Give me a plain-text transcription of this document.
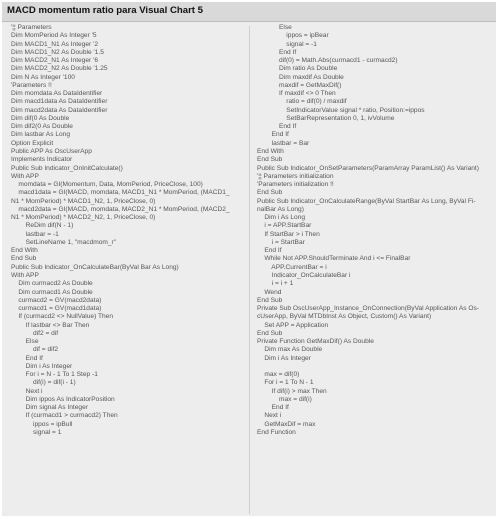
MACD momentum ratio para Visual Chart 5
'¦¦ Parameters
Dim MomPeriod As Integer '5
Dim MACD1_N1 As Integer '2
Dim MACD1_N2 As Double '1.5
Dim MACD2_N1 As Integer '6
Dim MACD2_N2 As Double '1.25
Dim N As Integer '100
'Parameters !!
Dim momdata As DataIdentifier
Dim macd1data As DataIdentifier
Dim macd2data As DataIdentifier
Dim dif(0 As Double
Dim dif2(0 As Double
Dim lastbar As Long
Option Explicit
Public APP As OscUserApp
Implements Indicator
Public Sub Indicator_OnInitCalculate()
With APP
momdata = GI(Momentum, Data, MomPeriod, PriceClose, 100)
macd1data = GI(MACD, momdata, MACD1_N1 * MomPeriod, (MACD1_
N1 * MomPeriod) * MACD1_N2, 1, PriceClose, 0)
macd2data = GI(MACD, momdata, MACD2_N1 * MomPeriod, (MACD2_
N1 * MomPeriod) * MACD2_N2, 1, PriceClose, 0)
ReDim dif(N - 1)
lastbar = -1
SetLineName 1, "macdmom_r"
End With
End Sub
Public Sub Indicator_OnCalculateBar(ByVal Bar As Long)
With APP
Dim curmacd2 As Double
Dim curmacd1 As Double
curmacd2 = GV(macd2data)
curmacd1 = GV(macd1data)
If (curmacd2 <> NullValue) Then
If lastbar <> Bar Then
dif2 = dif
Else
dif = dif2
End If
Dim i As Integer
For i = N - 1 To 1 Step -1
dif(i) = dif(i - 1)
Next i
Dim ippos As IndicatorPosition
Dim signal As Integer
If (curmacd1 > curmacd2) Then
ippos = ipBull
signal = 1
Else
ippos = ipBear
signal = -1
End If
dif(0) = Math.Abs(curmacd1 - curmacd2)
Dim ratio As Double
Dim maxdif As Double
maxdif = GetMaxDif()
If maxdif <> 0 Then
ratio = dif(0) / maxdif
SetIndicatorValue signal * ratio, Position:=ippos
SetBarRepresentation 0, 1, ivVolume
End If
End If
lastbar = Bar
End With
End Sub
Public Sub Indicator_OnSetParameters(ParamArray ParamList() As Variant)
'¦¦ Parameters initialization
'Parameters initialization !!
End Sub
Public Sub Indicator_OnCalculateRange(ByVal StartBar As Long, ByVal Fi-
nalBar As Long)
Dim i As Long
i = APP.StartBar
If StartBar > i Then
i = StartBar
End If
While Not APP.ShouldTerminate And i <= FinalBar
APP.CurrentBar = i
Indicator_OnCalculateBar i
i = i + 1
Wend
End Sub
Private Sub OscUserApp_Instance_OnConnection(ByVal Application As Os-
cUserApp, ByVal MTDbInst As Object, Custom() As Variant)
Set APP = Application
End Sub
Private Function GetMaxDif() As Double
Dim max As Double
Dim i As Integer
max = dif(0)
For i = 1 To N - 1
If dif(i) > max Then
max = dif(i)
End If
Next i
GetMaxDif = max
End Function
